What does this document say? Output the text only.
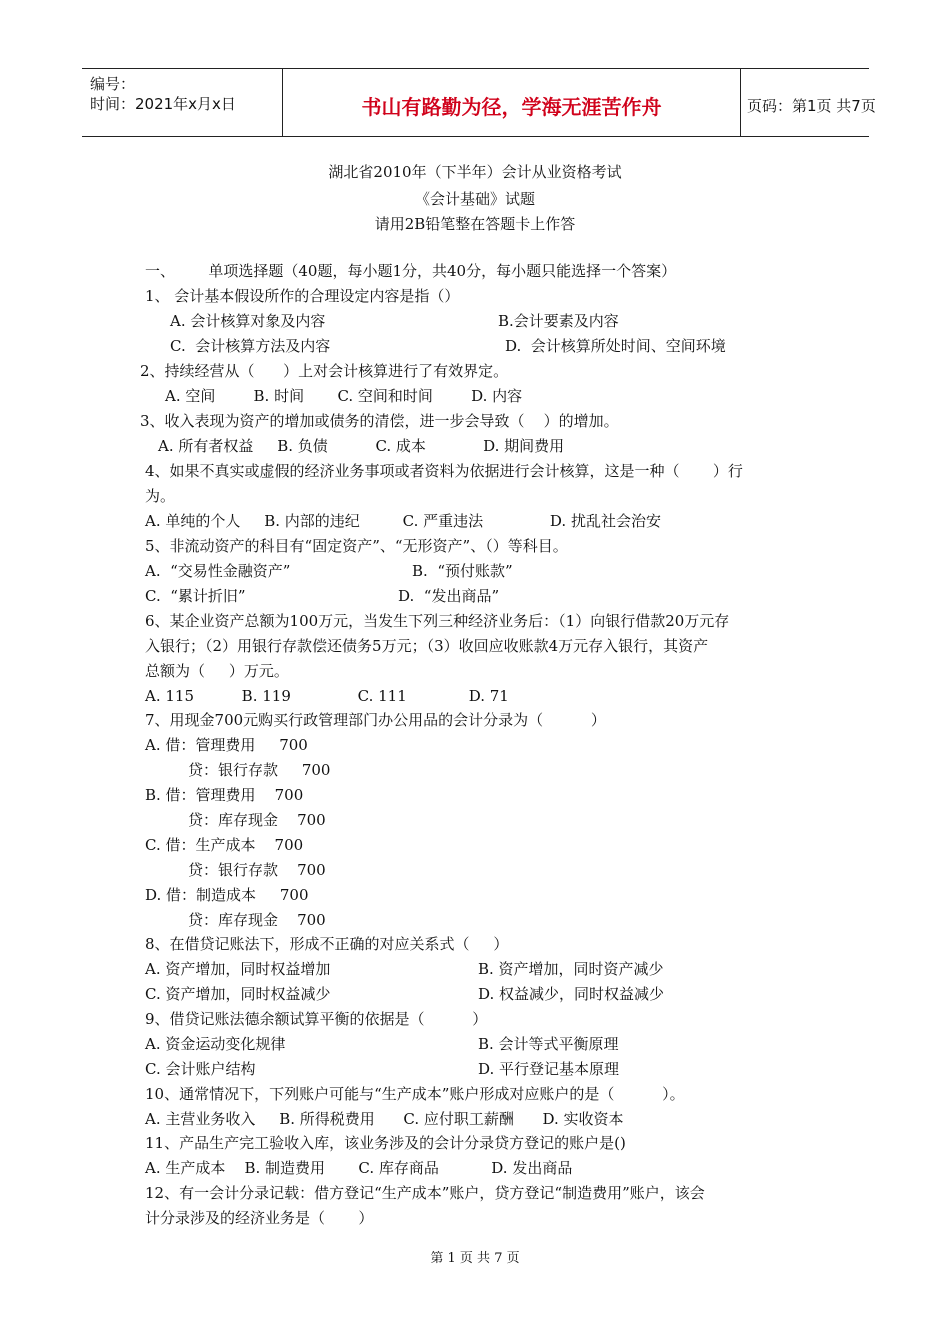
编号：
时间：2021年x月x日	书山有路勤为径，学海无涯苦作舟	页码：第1页 共7页
湖北省2010年（下半年）会计从业资格考试
《会计基础》试题
请用2B铅笔整在答题卡上作答
一、       单项选择题（40题，每小题1分，共40分，每小题只能选择一个答案）
1、 会计基本假设所作的合理设定内容是指（）
A. 会计核算对象及内容	B.会计要素及内容
C.  会计核算方法及内容	D.  会计核算所处时间、空间环境
2、持续经营从（      ）上对会计核算进行了有效界定。
A. 空间        B. 时间       C. 空间和时间        D. 内容
3、收入表现为资产的增加或债务的清偿，进一步会导致（    ）的增加。
A. 所有者权益     B. 负债          C. 成本            D. 期间费用
4、如果不真实或虚假的经济业务事项或者资料为依据进行会计核算，这是一种（       ）行
为。
A. 单纯的个人     B. 内部的违纪         C. 严重违法              D. 扰乱社会治安
5、非流动资产的科目有“固定资产”、“无形资产”、（）等科目。
A.  “交易性金融资产”	B.  “预付账款”
C.  “累计折旧”	D.  “发出商品”
6、某企业资产总额为100万元，当发生下列三种经济业务后：（1）向银行借款20万元存
入银行；（2）用银行存款偿还债务5万元；（3）收回应收账款4万元存入银行，其资产
总额为（     ）万元。
A. 115          B. 119              C. 111             D. 71
7、用现金700元购买行政管理部门办公用品的会计分录为（          ）
A. 借：管理费用     700
贷：银行存款     700
B. 借：管理费用    700
贷：库存现金    700
C. 借：生产成本    700
贷：银行存款    700
D. 借：制造成本     700
贷：库存现金    700
8、在借贷记账法下，形成不正确的对应关系式（     ）
A. 资产增加，同时权益增加	B. 资产增加，同时资产减少
C. 资产增加，同时权益减少	D. 权益减少，同时权益减少
9、借贷记账法德余额试算平衡的依据是（          ）
A. 资金运动变化规律	B. 会计等式平衡原理
C. 会计账户结构	D. 平行登记基本原理
10、通常情况下，下列账户可能与“生产成本”账户形成对应账户的是（          ）。
A. 主营业务收入     B. 所得税费用      C. 应付职工薪酬      D. 实收资本
11、产品生产完工验收入库，该业务涉及的会计分录贷方登记的账户是()
A. 生产成本    B. 制造费用       C. 库存商品           D. 发出商品
12、有一会计分录记载：借方登记“生产成本”账户，贷方登记“制造费用”账户，该会
计分录涉及的经济业务是（       ）
第 1 页 共 7 页
